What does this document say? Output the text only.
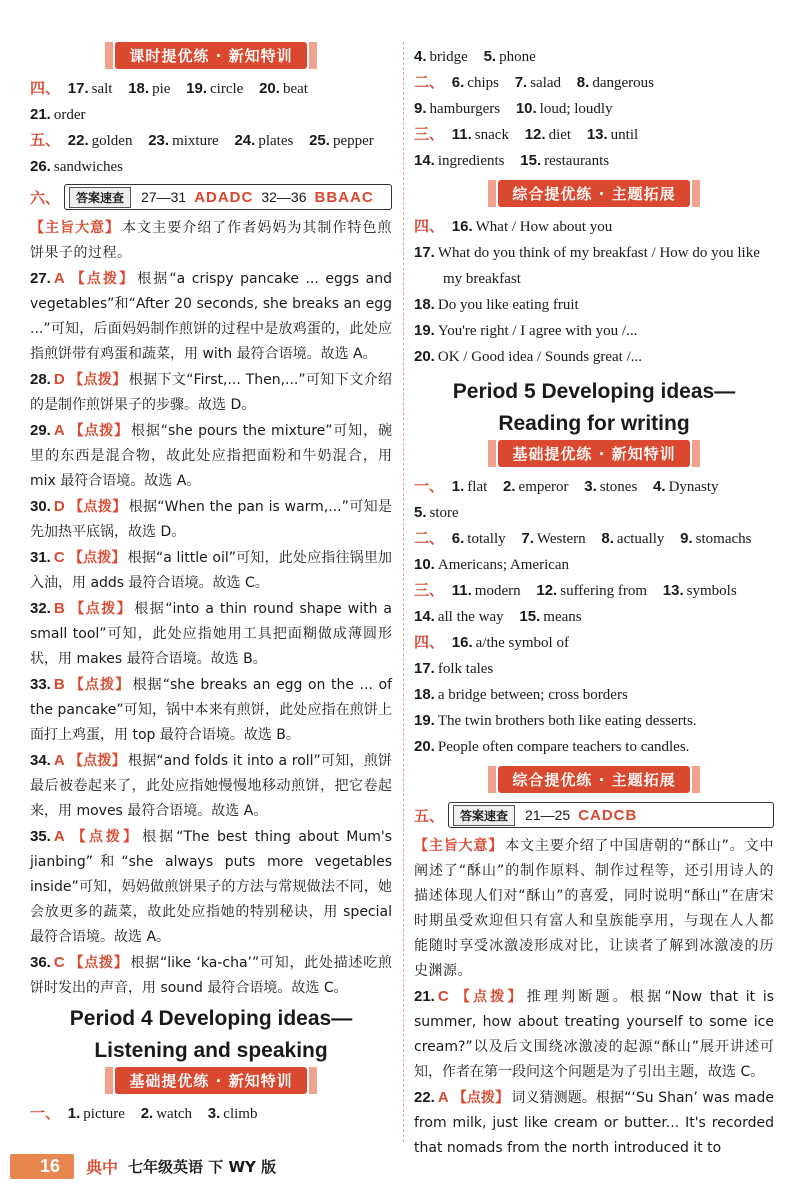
课时提优练 · 新知特训
四、 17. salt 18. pie 19. circle 20. beat
21. order
五、 22. golden 23. mixture 24. plates 25. pepper
26. sandwiches
六、	答案速查	27—31 ADADC 32—36 BBAAC
【主旨大意】 本文主要介绍了作者妈妈为其制作特色煎饼果子的过程。
27. A 【点拨】 根据“a crispy pancake ... eggs and vegetables”和“After 20 seconds, she breaks an egg ...”可知，后面妈妈制作煎饼的过程中是放鸡蛋的，此处应指煎饼带有鸡蛋和蔬菜，用 with 最符合语境。故选 A。
28. D 【点拨】 根据下文“First,... Then,...”可知下文介绍的是制作煎饼果子的步骤。故选 D。
29. A 【点拨】 根据“she pours the mixture”可知，碗里的东西是混合物，故此处应指把面粉和牛奶混合，用 mix 最符合语境。故选 A。
30. D 【点拨】 根据“When the pan is warm,...”可知是先加热平底锅，故选 D。
31. C 【点拨】 根据“a little oil”可知，此处应指往锅里加入油，用 adds 最符合语境。故选 C。
32. B 【点拨】 根据“into a thin round shape with a small tool”可知，此处应指她用工具把面糊做成薄圆形状，用 makes 最符合语境。故选 B。
33. B 【点拨】 根据“she breaks an egg on the ... of the pancake”可知，锅中本来有煎饼，此处应指在煎饼上面打上鸡蛋，用 top 最符合语境。故选 B。
34. A 【点拨】 根据“and folds it into a roll”可知，煎饼最后被卷起来了，此处应指她慢慢地移动煎饼，把它卷起来，用 moves 最符合语境。故选 A。
35. A 【点拨】 根据“The best thing about Mum's jianbing”和“she always puts more vegetables inside”可知，妈妈做煎饼果子的方法与常规做法不同，她会放更多的蔬菜，故此处应指她的特别秘诀，用 special 最符合语境。故选 A。
36. C 【点拨】 根据“like ‘ka-cha’”可知，此处描述吃煎饼时发出的声音，用 sound 最符合语境。故选 C。
Period 4 Developing ideas—
Listening and speaking
基础提优练 · 新知特训
一、 1. picture 2. watch 3. climb
4. bridge 5. phone
二、 6. chips 7. salad 8. dangerous
9. hamburgers 10. loud; loudly
三、 11. snack 12. diet 13. until
14. ingredients 15. restaurants
综合提优练 · 主题拓展
四、 16. What / How about you
17. What do you think of my breakfast / How do you like
my breakfast
18. Do you like eating fruit
19. You're right / I agree with you /...
20. OK / Good idea / Sounds great /...
Period 5 Developing ideas—
Reading for writing
基础提优练 · 新知特训
一、 1. flat 2. emperor 3. stones 4. Dynasty
5. store
二、 6. totally 7. Western 8. actually 9. stomachs
10. Americans; American
三、 11. modern 12. suffering from 13. symbols
14. all the way 15. means
四、 16. a/the symbol of
17. folk tales
18. a bridge between; cross borders
19. The twin brothers both like eating desserts.
20. People often compare teachers to candles.
综合提优练 · 主题拓展
五、	答案速查	21—25 CADCB
【主旨大意】 本文主要介绍了中国唐朝的“酥山”。文中阐述了“酥山”的制作原料、制作过程等，还引用诗人的描述体现人们对“酥山”的喜爱，同时说明“酥山”在唐宋时期虽受欢迎但只有富人和皇族能享用，与现在人人都能随时享受冰激凌形成对比，让读者了解到冰激凌的历史渊源。
21. C 【点拨】 推理判断题。根据“Now that it is summer, how about treating yourself to some ice cream?”以及后文围绕冰激凌的起源“酥山”展开讲述可知，作者在第一段问这个问题是为了引出主题，故选 C。
22. A 【点拨】 词义猜测题。根据“‘Su Shan’ was made from milk, just like cream or butter... It's recorded that nomads from the north introduced it to
16	典中 七年级英语 下 WY 版
